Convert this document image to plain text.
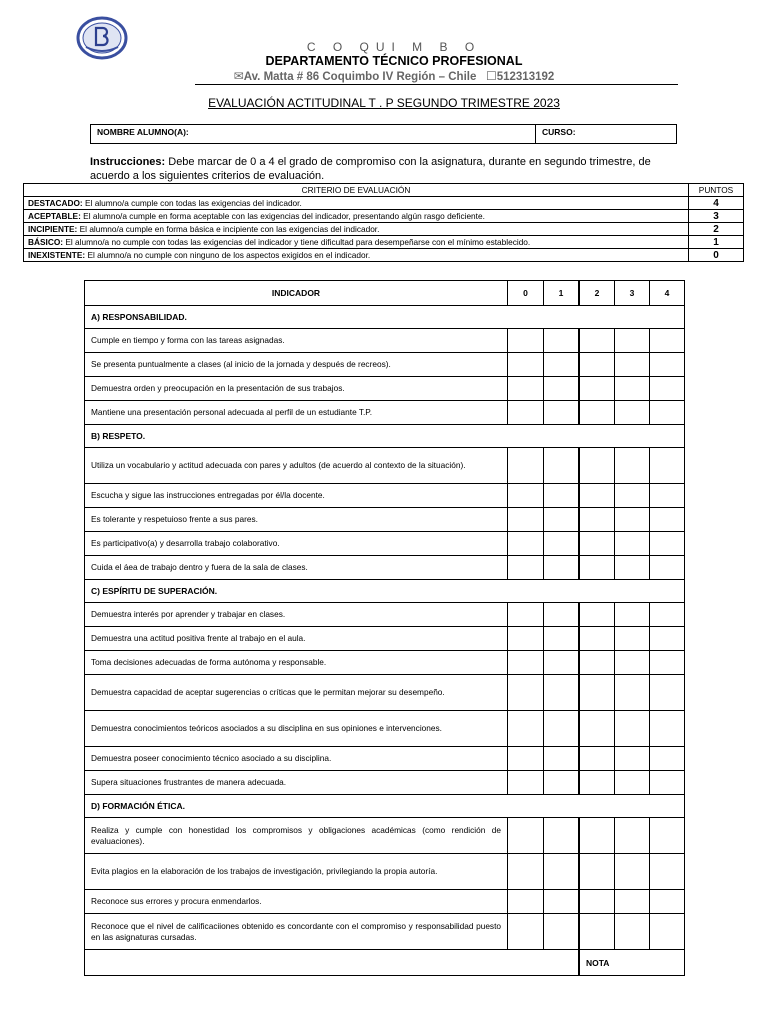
C O QUI M B O
DEPARTAMENTO TÉCNICO PROFESIONAL
✉Av. Matta # 86 Coquimbo IV Región – Chile ☐512313192
EVALUACIÓN ACTITUDINAL T . P SEGUNDO TRIMESTRE 2023
NOMBRE ALUMNO(A):	CURSO:
Instrucciones: Debe marcar de 0 a 4 el grado de compromiso con la asignatura, durante en segundo trimestre, de acuerdo a los siguientes criterios de evaluación.
CRITERIO DE EVALUACIÓN	PUNTOS
DESTACADO: El alumno/a cumple con todas las exigencias del indicador.	4
ACEPTABLE: El alumno/a cumple en forma aceptable con las exigencias del indicador, presentando algún rasgo deficiente.	3
INCIPIENTE: El alumno/a cumple en forma básica e incipiente con las exigencias del indicador.	2
BÁSICO: El alumno/a no cumple con todas las exigencias del indicador y tiene dificultad para desempeñarse con el mínimo establecido.	1
INEXISTENTE: El alumno/a no cumple con ninguno de los aspectos exigidos en el indicador.	0
INDICADOR	0	1	2	3	4
A) RESPONSABILIDAD.					
Cumple en tiempo y forma con las tareas asignadas.					
Se presenta puntualmente a clases (al inicio de la jornada y después de recreos).					
Demuestra orden y preocupación en la presentación de sus trabajos.					
Mantiene una presentación personal adecuada al perfil de un estudiante T.P.					
B) RESPETO.					
Utiliza un vocabulario y actitud adecuada con pares y adultos (de acuerdo al contexto de la situación).					
Escucha y sigue las instrucciones entregadas por él/la docente.					
Es tolerante y respetuioso frente a sus pares.					
Es participativo(a) y desarrolla trabajo colaborativo.					
Cuida el áea de trabajo dentro y fuera de la sala de clases.					
C) ESPÍRITU DE SUPERACIÓN.					
Demuestra interés por aprender y trabajar en clases.					
Demuestra una actitud positiva frente al trabajo en el aula.					
Toma decisiones adecuadas de forma autónoma y responsable.					
Demuestra capacidad de aceptar sugerencias o críticas que le permitan mejorar su desempeño.					
Demuestra conocimientos teóricos asociados a su disciplina en sus opiniones e intervenciones.					
Demuestra poseer conocimiento técnico asociado a su disciplina.					
Supera situaciones frustrantes de manera adecuada.					
D) FORMACIÓN ÉTICA.					
Realiza y cumple con honestidad los compromisos y obligaciones académicas (como rendición de evaluaciones).					
Evita plagios en la elaboración de los trabajos de investigación, privilegiando la propia autoría.					
Reconoce sus errores y procura enmendarlos.					
Reconoce que el nivel de calificaciiones obtenido es concordante con el compromiso y responsabilidad puesto en las asignaturas cursadas.					
			NOTA		
